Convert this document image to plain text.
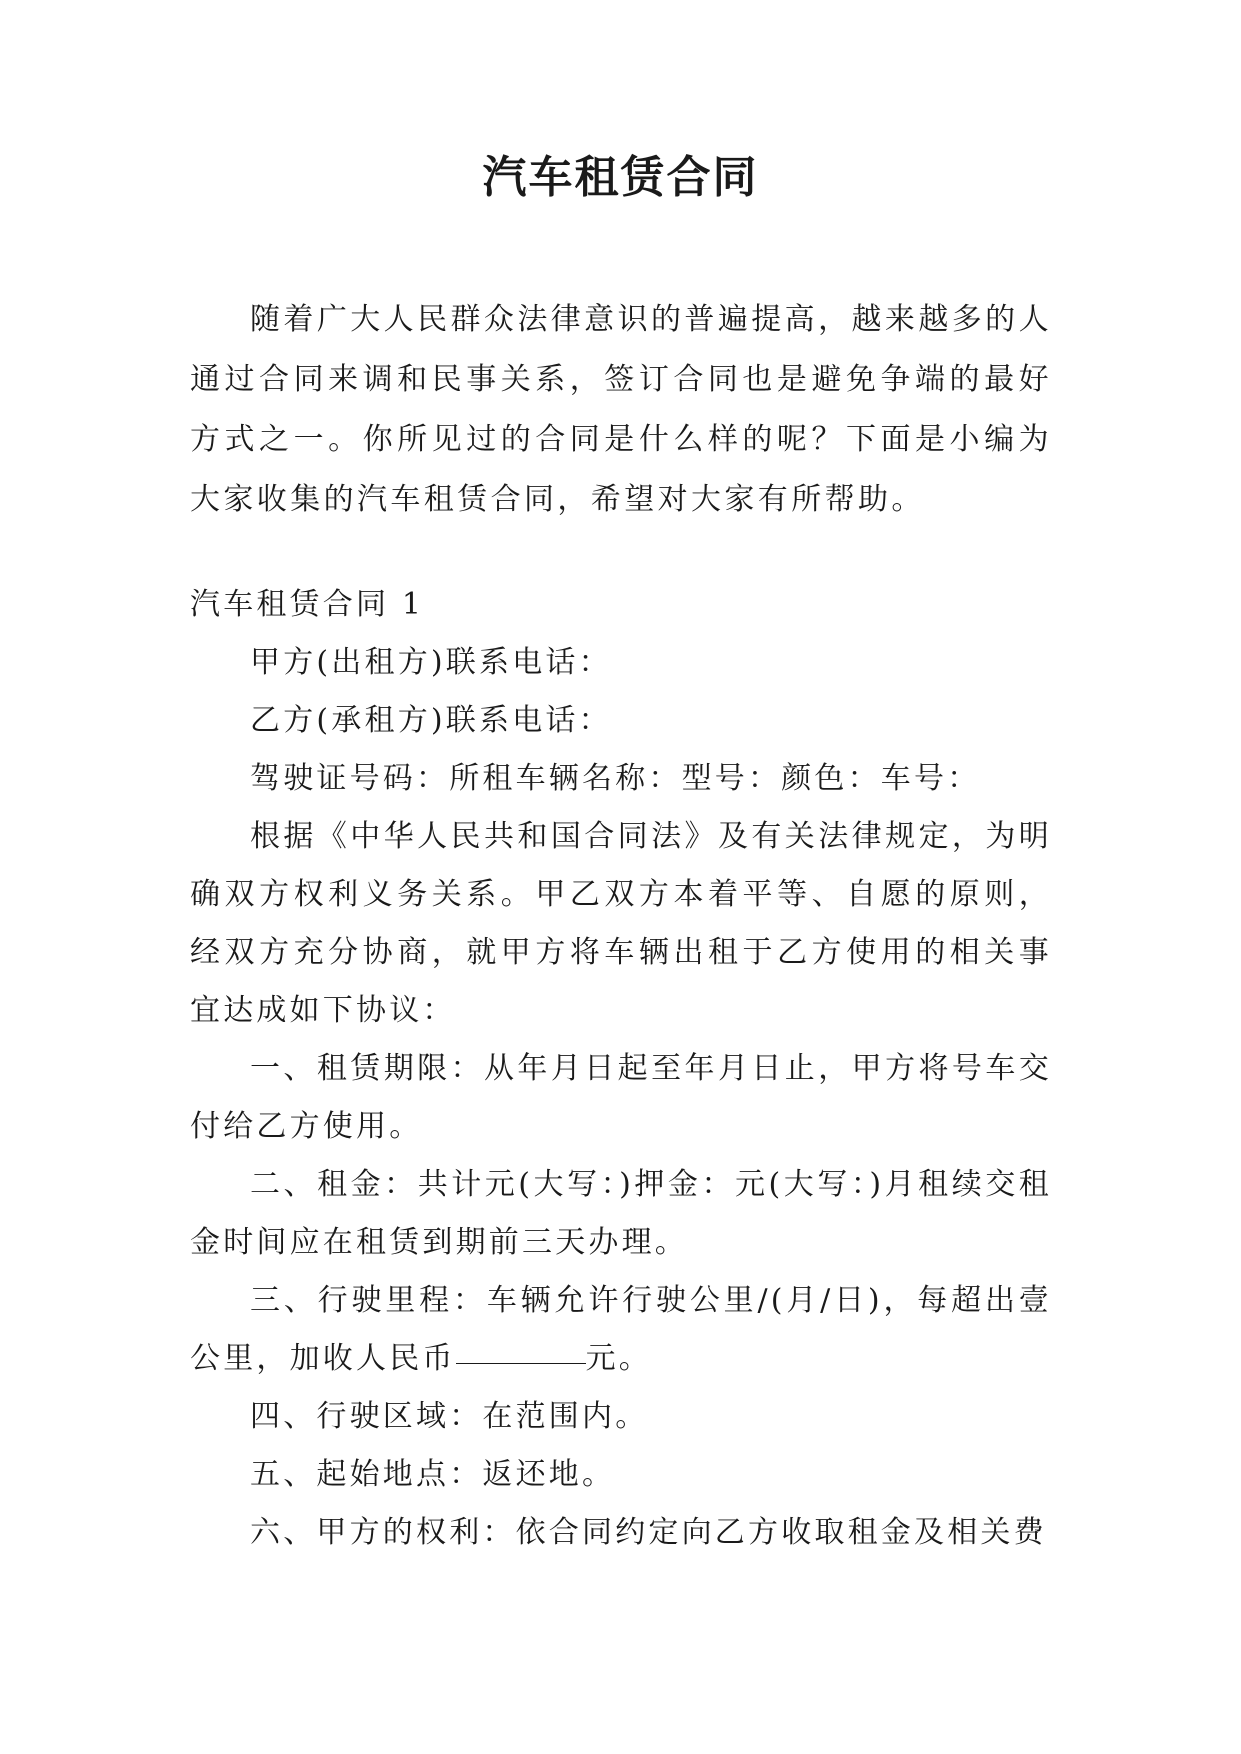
汽车租赁合同

随着广大人民群众法律意识的普遍提高，越来越多的人通过合同来调和民事关系，签订合同也是避免争端的最好方式之一。你所见过的合同是什么样的呢？下面是小编为大家收集的汽车租赁合同，希望对大家有所帮助。

汽车租赁合同 1

甲方(出租方)联系电话：

乙方(承租方)联系电话：

驾驶证号码：所租车辆名称：型号：颜色：车号：

根据《中华人民共和国合同法》及有关法律规定，为明确双方权利义务关系。甲乙双方本着平等、自愿的原则，经双方充分协商，就甲方将车辆出租于乙方使用的相关事宜达成如下协议：

一、租赁期限：从年月日起至年月日止，甲方将号车交付给乙方使用。

二、租金：共计元(大写：)押金：元(大写：)月租续交租金时间应在租赁到期前三天办理。

三、行驶里程：车辆允许行驶公里/(月/日)，每超出壹公里，加收人民币	元。

四、行驶区域：在范围内。

五、起始地点：返还地。

六、甲方的权利：依合同约定向乙方收取租金及相关费
